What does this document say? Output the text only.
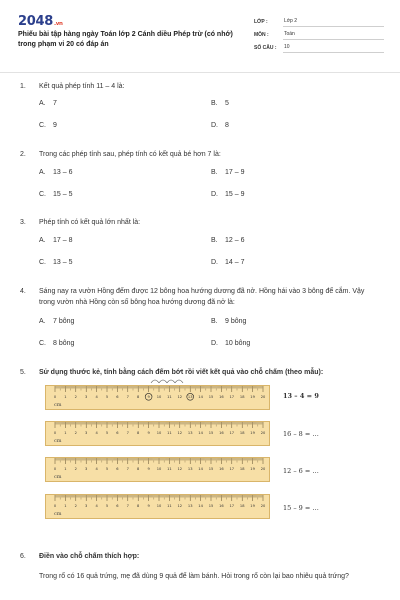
2048.vn
Phiếu bài tập hàng ngày Toán lớp 2 Cánh diều Phép trừ (có nhớ) trong phạm vi 20 có đáp án
LỚP :	Lớp 2
MÔN :	Toán
SỐ CÂU :	10
1.	Kết quả phép tính 11 – 4 là:
A. 7	B. 5
C. 9	D. 8
2.	Trong các phép tính sau, phép tính có kết quả bé hơn 7 là:
A. 13 – 6	B. 17 – 9
C. 15 – 5	D. 15 – 9
3.	Phép tính có kết quả lớn nhất là:
A. 17 – 8	B. 12 – 6
C. 13 – 5	D. 14 – 7
4.	Sáng nay ra vườn Hồng đếm được 12 bông hoa hướng dương đã nở. Hồng hái vào 3 bông để cắm. Vậy trong vườn nhà Hồng còn số bông hoa hướng dương đã nở là:
A. 7 bông	B. 9 bông
C. 8 bông	D. 10 bông
5.	Sử dụng thước kẻ, tính bằng cách đếm bớt rồi viết kết quả vào chỗ chấm (theo mẫu):
0 1 2 3 4 5 6 7 8 9 10 11 12 13 14 15 16 17 18 19 20
cm
13 – 4 = 9
0 1 2 3 4 5 6 7 8 9 10 11 12 13 14 15 16 17 18 19 20
cm
16 – 8 = …
0 1 2 3 4 5 6 7 8 9 10 11 12 13 14 15 16 17 18 19 20
cm
12 – 6 = …
0 1 2 3 4 5 6 7 8 9 10 11 12 13 14 15 16 17 18 19 20
cm
15 – 9 = …
6.	Điền vào chỗ chấm thích hợp:
Trong rổ có 16 quả trứng, mẹ đã dùng 9 quả để làm bánh. Hỏi trong rổ còn lại bao nhiêu quả trứng?
